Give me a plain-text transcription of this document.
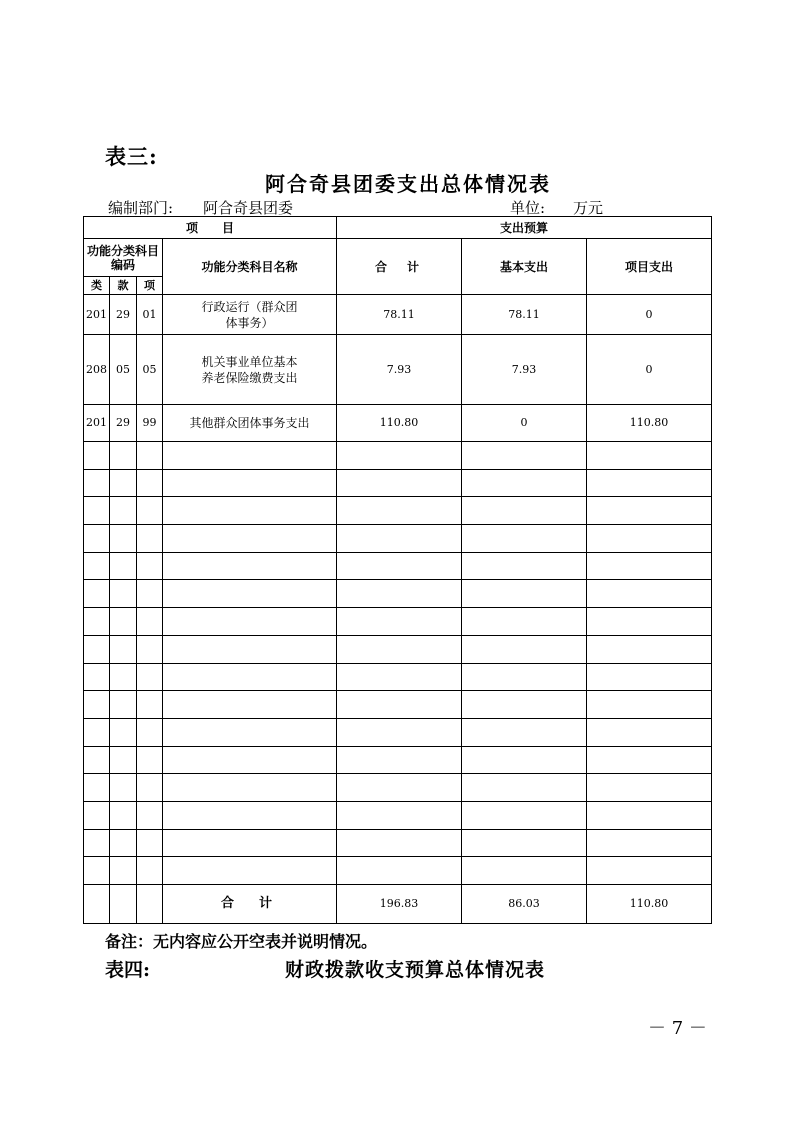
表三:
阿合奇县团委支出总体情况表
编制部门: 阿合奇县团委	单位: 万元
项　　目				支出预算		
功能分类科目编码			功能分类科目名称	合　计	基本支出	项目支出
类	款	项				
201	29	01	行政运行（群众团体事务）	78.11	78.11	0
208	05	05	机关事业单位基本养老保险缴费支出	7.93	7.93	0
201	29	99	其他群众团体事务支出	110.80	0	110.80

			合　计	196.83	86.03	110.80
备注：无内容应公开空表并说明情况。
表四:	财政拨款收支预算总体情况表
－ 7 －
